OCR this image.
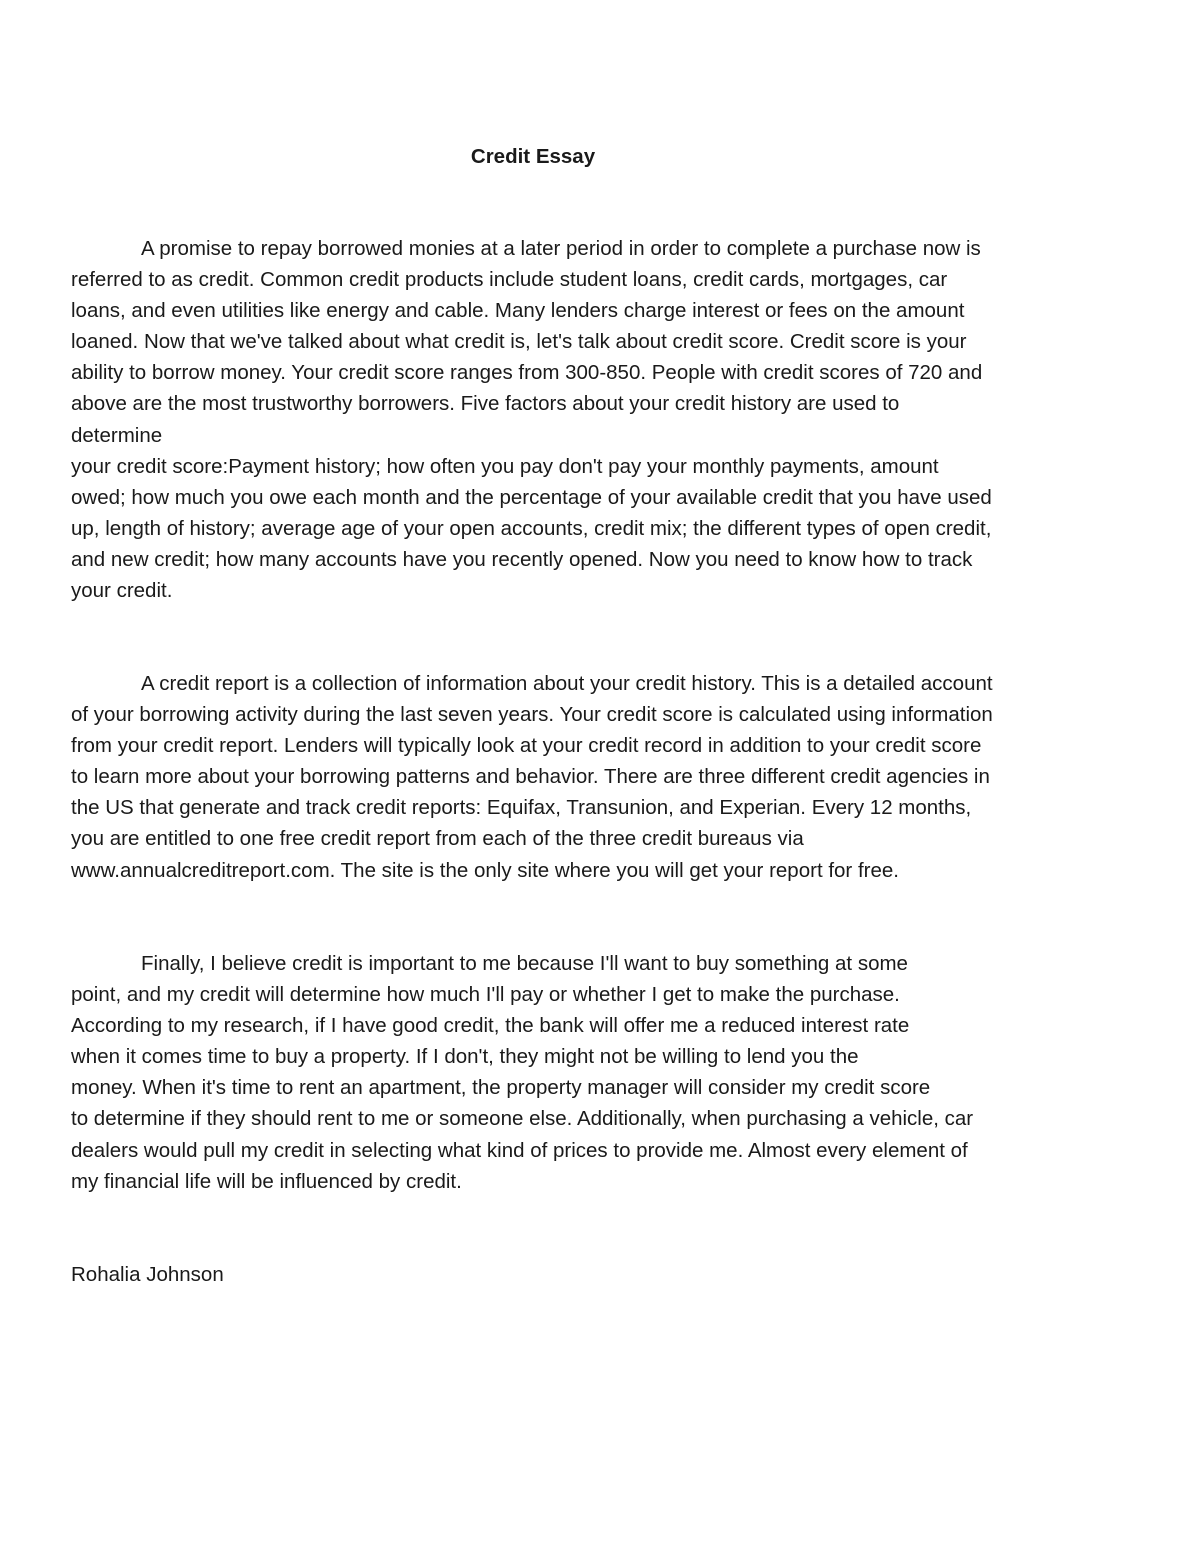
Credit Essay

A promise to repay borrowed monies at a later period in order to complete a purchase now is
referred to as credit. Common credit products include student loans, credit cards, mortgages, car
loans, and even utilities like energy and cable. Many lenders charge interest or fees on the amount
loaned. Now that we've talked about what credit is, let's talk about credit score. Credit score is your
ability to borrow money. Your credit score ranges from 300-850. People with credit scores of 720 and
above are the most trustworthy borrowers. Five factors about your credit history are used to
determine
your credit score:Payment history; how often you pay don't pay your monthly payments, amount
owed; how much you owe each month and the percentage of your available credit that you have used
up, length of history; average age of your open accounts, credit mix; the different types of open credit,
and new credit; how many accounts have you recently opened. Now you need to know how to track
your credit.

A credit report is a collection of information about your credit history. This is a detailed account
of your borrowing activity during the last seven years. Your credit score is calculated using information
from your credit report. Lenders will typically look at your credit record in addition to your credit score
to learn more about your borrowing patterns and behavior. There are three different credit agencies in
the US that generate and track credit reports: Equifax, Transunion, and Experian. Every 12 months,
you are entitled to one free credit report from each of the three credit bureaus via
www.annualcreditreport.com. The site is the only site where you will get your report for free.

Finally, I believe credit is important to me because I'll want to buy something at some
point, and my credit will determine how much I'll pay or whether I get to make the purchase.
According to my research, if I have good credit, the bank will offer me a reduced interest rate
when it comes time to buy a property. If I don't, they might not be willing to lend you the
money. When it's time to rent an apartment, the property manager will consider my credit score
to determine if they should rent to me or someone else. Additionally, when purchasing a vehicle, car
dealers would pull my credit in selecting what kind of prices to provide me. Almost every element of
my financial life will be influenced by credit.

Rohalia Johnson
